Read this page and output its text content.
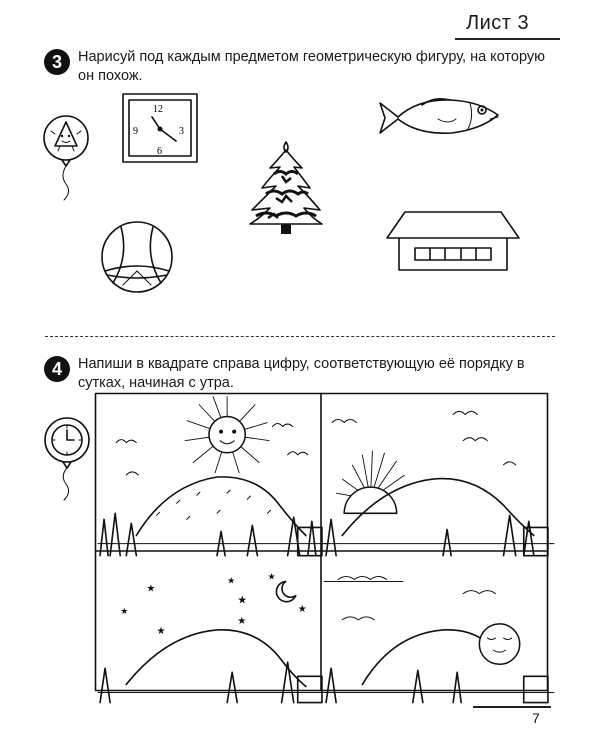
Лист 3
3	Нарисуй под каждым предметом геометрическую фигуру, на которую он похож.
12
3
6
9
4	Напиши в квадрате справа цифру, соответствующую её порядку в сутках, начиная с утра.
★
★	★
★
★
★
★
★
7
